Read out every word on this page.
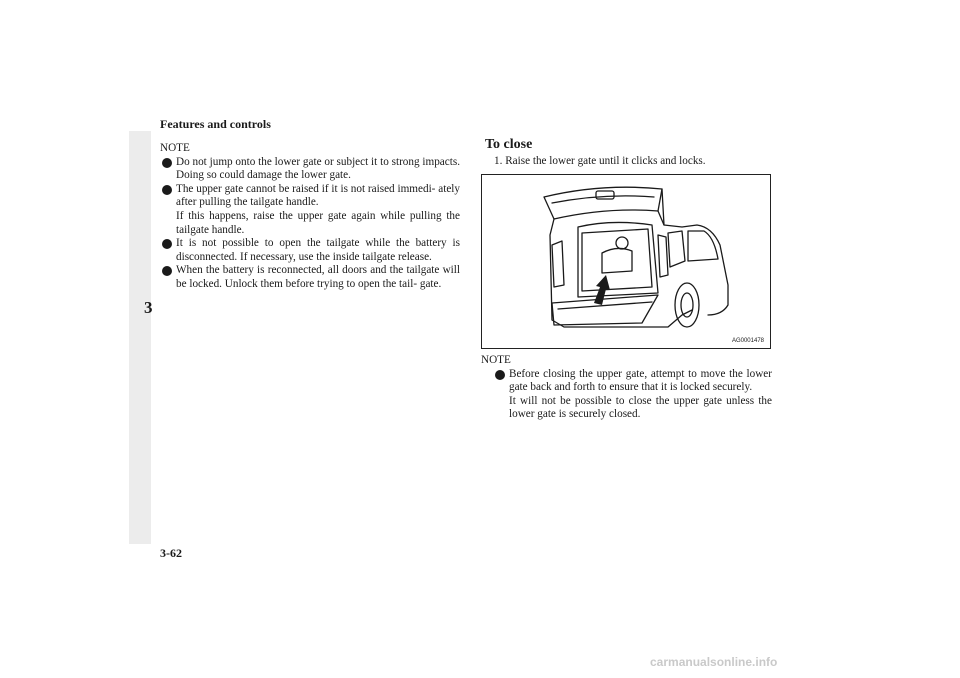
Features and controls
3
NOTE

Do not jump onto the lower gate or subject it to strong impacts. Doing so could damage the lower gate.

The upper gate cannot be raised if it is not raised immedi- ately after pulling the tailgate handle.

If this happens, raise the upper gate again while pulling the tailgate handle.

It is not possible to open the tailgate while the battery is disconnected. If necessary, use the inside tailgate release.

When the battery is reconnected, all doors and the tailgate will be locked. Unlock them before trying to open the tail- gate.

To close
1. Raise the lower gate until it clicks and locks.
AG0001478
NOTE

Before closing the upper gate, attempt to move the lower gate back and forth to ensure that it is locked securely.

It will not be possible to close the upper gate unless the lower gate is securely closed.

3-62
carmanualsonline.info
